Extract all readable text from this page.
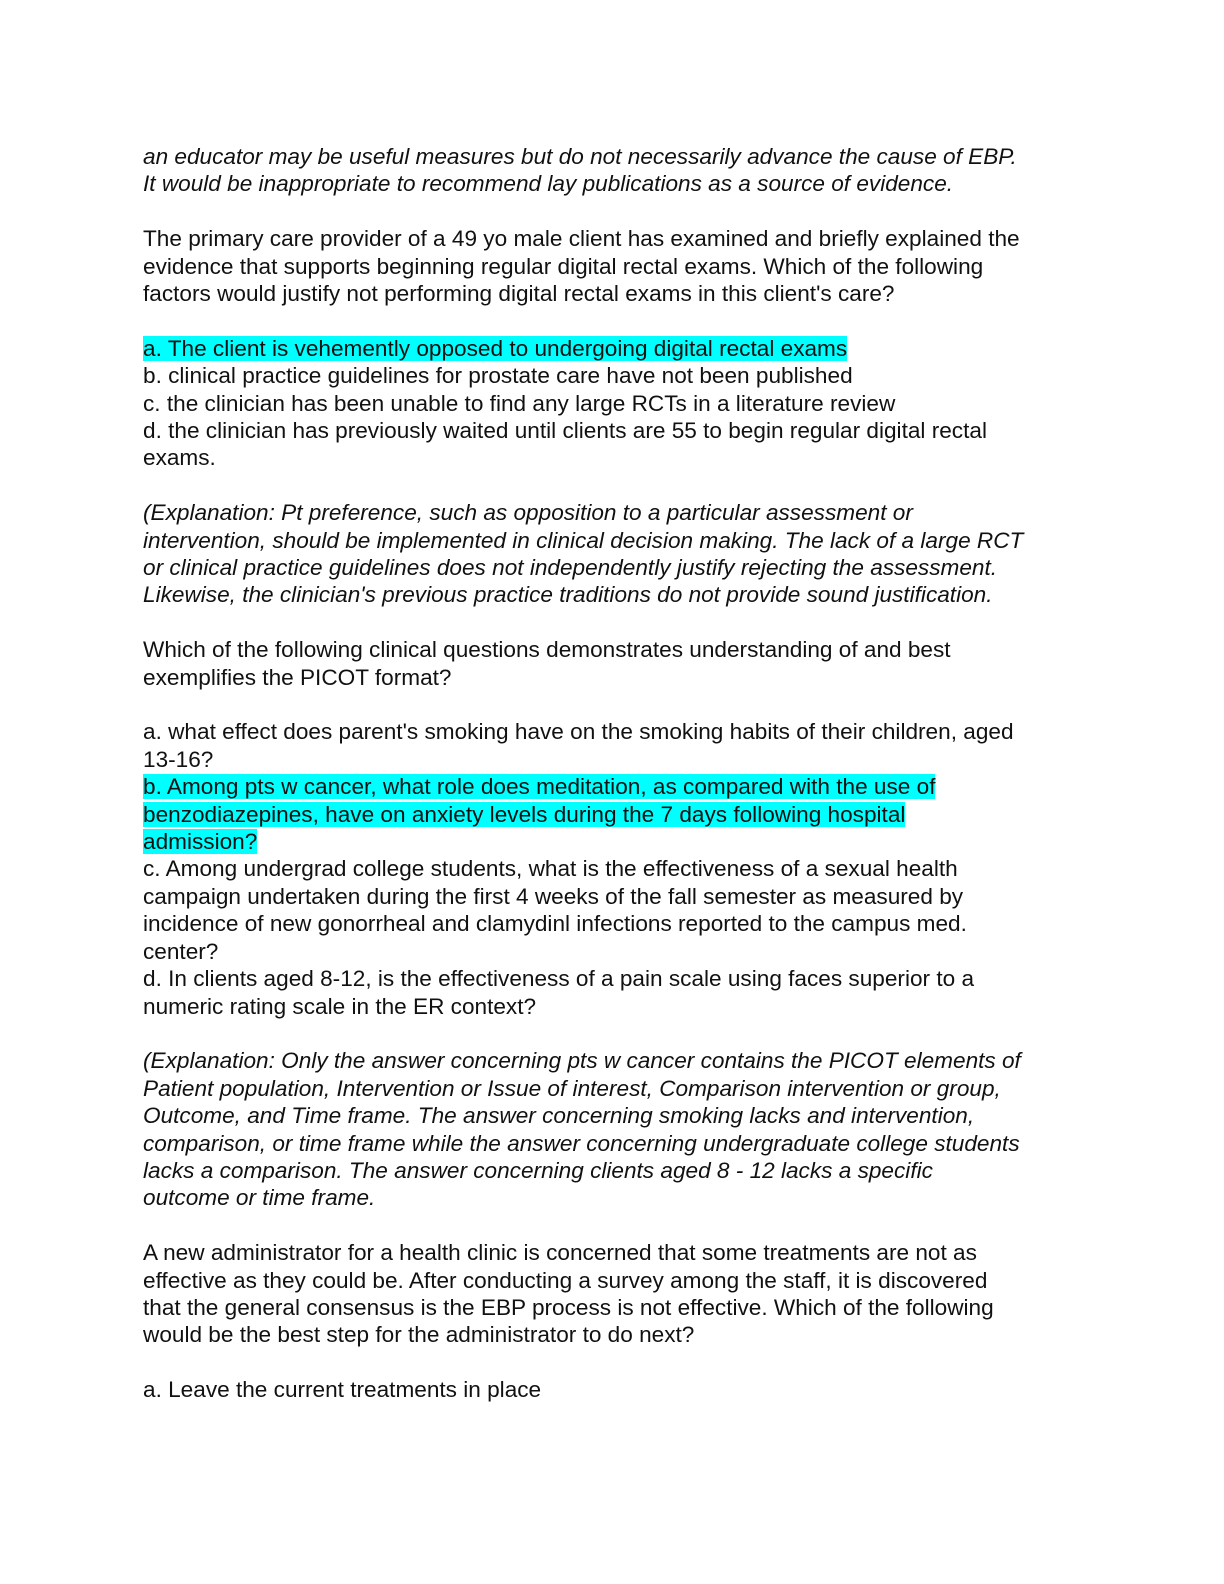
an educator may be useful measures but do not necessarily advance the cause of EBP.
It would be inappropriate to recommend lay publications as a source of evidence.
The primary care provider of a 49 yo male client has examined and briefly explained the
evidence that supports beginning regular digital rectal exams. Which of the following
factors would justify not performing digital rectal exams in this client's care?
a. The client is vehemently opposed to undergoing digital rectal exams
b. clinical practice guidelines for prostate care have not been published
c. the clinician has been unable to find any large RCTs in a literature review
d. the clinician has previously waited until clients are 55 to begin regular digital rectal
exams.
(Explanation: Pt preference, such as opposition to a particular assessment or
intervention, should be implemented in clinical decision making. The lack of a large RCT
or clinical practice guidelines does not independently justify rejecting the assessment.
Likewise, the clinician's previous practice traditions do not provide sound justification.
Which of the following clinical questions demonstrates understanding of and best
exemplifies the PICOT format?
a. what effect does parent's smoking have on the smoking habits of their children, aged
13-16?
b. Among pts w cancer, what role does meditation, as compared with the use of
benzodiazepines, have on anxiety levels during the 7 days following hospital
admission?
c. Among undergrad college students, what is the effectiveness of a sexual health
campaign undertaken during the first 4 weeks of the fall semester as measured by
incidence of new gonorrheal and clamydinl infections reported to the campus med.
center?
d. In clients aged 8-12, is the effectiveness of a pain scale using faces superior to a
numeric rating scale in the ER context?
(Explanation: Only the answer concerning pts w cancer contains the PICOT elements of
Patient population, Intervention or Issue of interest, Comparison intervention or group,
Outcome, and Time frame. The answer concerning smoking lacks and intervention,
comparison, or time frame while the answer concerning undergraduate college students
lacks a comparison. The answer concerning clients aged 8 - 12 lacks a specific
outcome or time frame.
A new administrator for a health clinic is concerned that some treatments are not as
effective as they could be. After conducting a survey among the staff, it is discovered
that the general consensus is the EBP process is not effective. Which of the following
would be the best step for the administrator to do next?
a. Leave the current treatments in place
